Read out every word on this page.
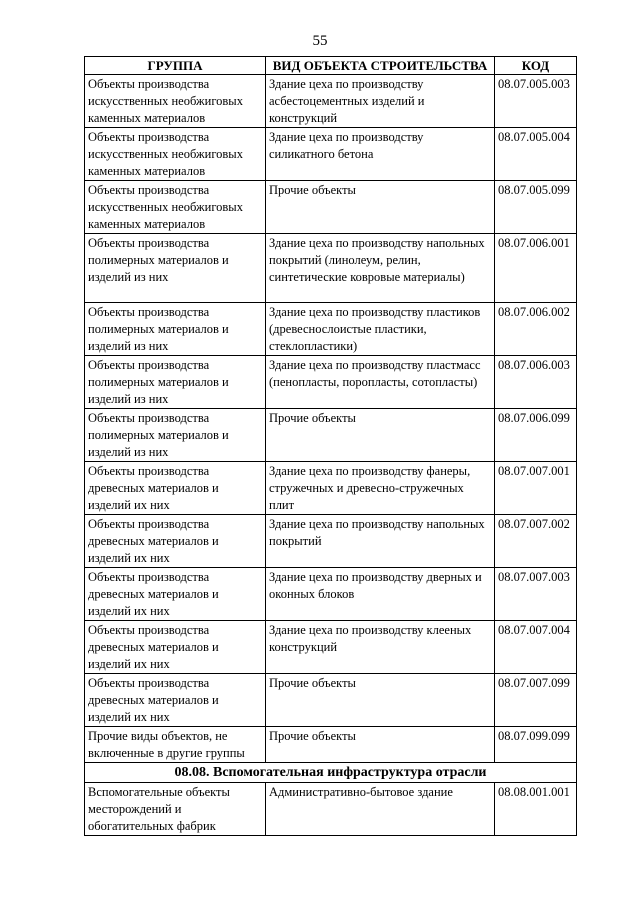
55
ГРУППА	ВИД ОБЪЕКТА СТРОИТЕЛЬСТВА	КОД
Объекты производства искусственных необжиговых каменных материалов	Здание цеха по производству асбестоцементных изделий и конструкций	08.07.005.003
Объекты производства искусственных необжиговых каменных материалов	Здание цеха по производству силикатного бетона	08.07.005.004
Объекты производства искусственных необжиговых каменных материалов	Прочие объекты	08.07.005.099
Объекты производства полимерных материалов и изделий из них	Здание цеха по производству напольных покрытий (линолеум, релин, синтетические ковровые материалы)	08.07.006.001
Объекты производства полимерных материалов и изделий из них	Здание цеха по производству пластиков (древеснослоистые пластики, стеклопластики)	08.07.006.002
Объекты производства полимерных материалов и изделий из них	Здание цеха по производству пластмасс (пенопласты, поропласты, сотопласты)	08.07.006.003
Объекты производства полимерных материалов и изделий из них	Прочие объекты	08.07.006.099
Объекты производства древесных материалов и изделий их них	Здание цеха по производству фанеры, стружечных и древесно-стружечных плит	08.07.007.001
Объекты производства древесных материалов и изделий их них	Здание цеха по производству напольных покрытий	08.07.007.002
Объекты производства древесных материалов и изделий их них	Здание цеха по производству дверных и оконных блоков	08.07.007.003
Объекты производства древесных материалов и изделий их них	Здание цеха по производству клееных конструкций	08.07.007.004
Объекты производства древесных материалов и изделий их них	Прочие объекты	08.07.007.099
Прочие виды объектов, не включенные в другие группы	Прочие объекты	08.07.099.099
08.08. Вспомогательная инфраструктура отрасли		
Вспомогательные объекты месторождений и обогатительных фабрик	Административно-бытовое здание	08.08.001.001
